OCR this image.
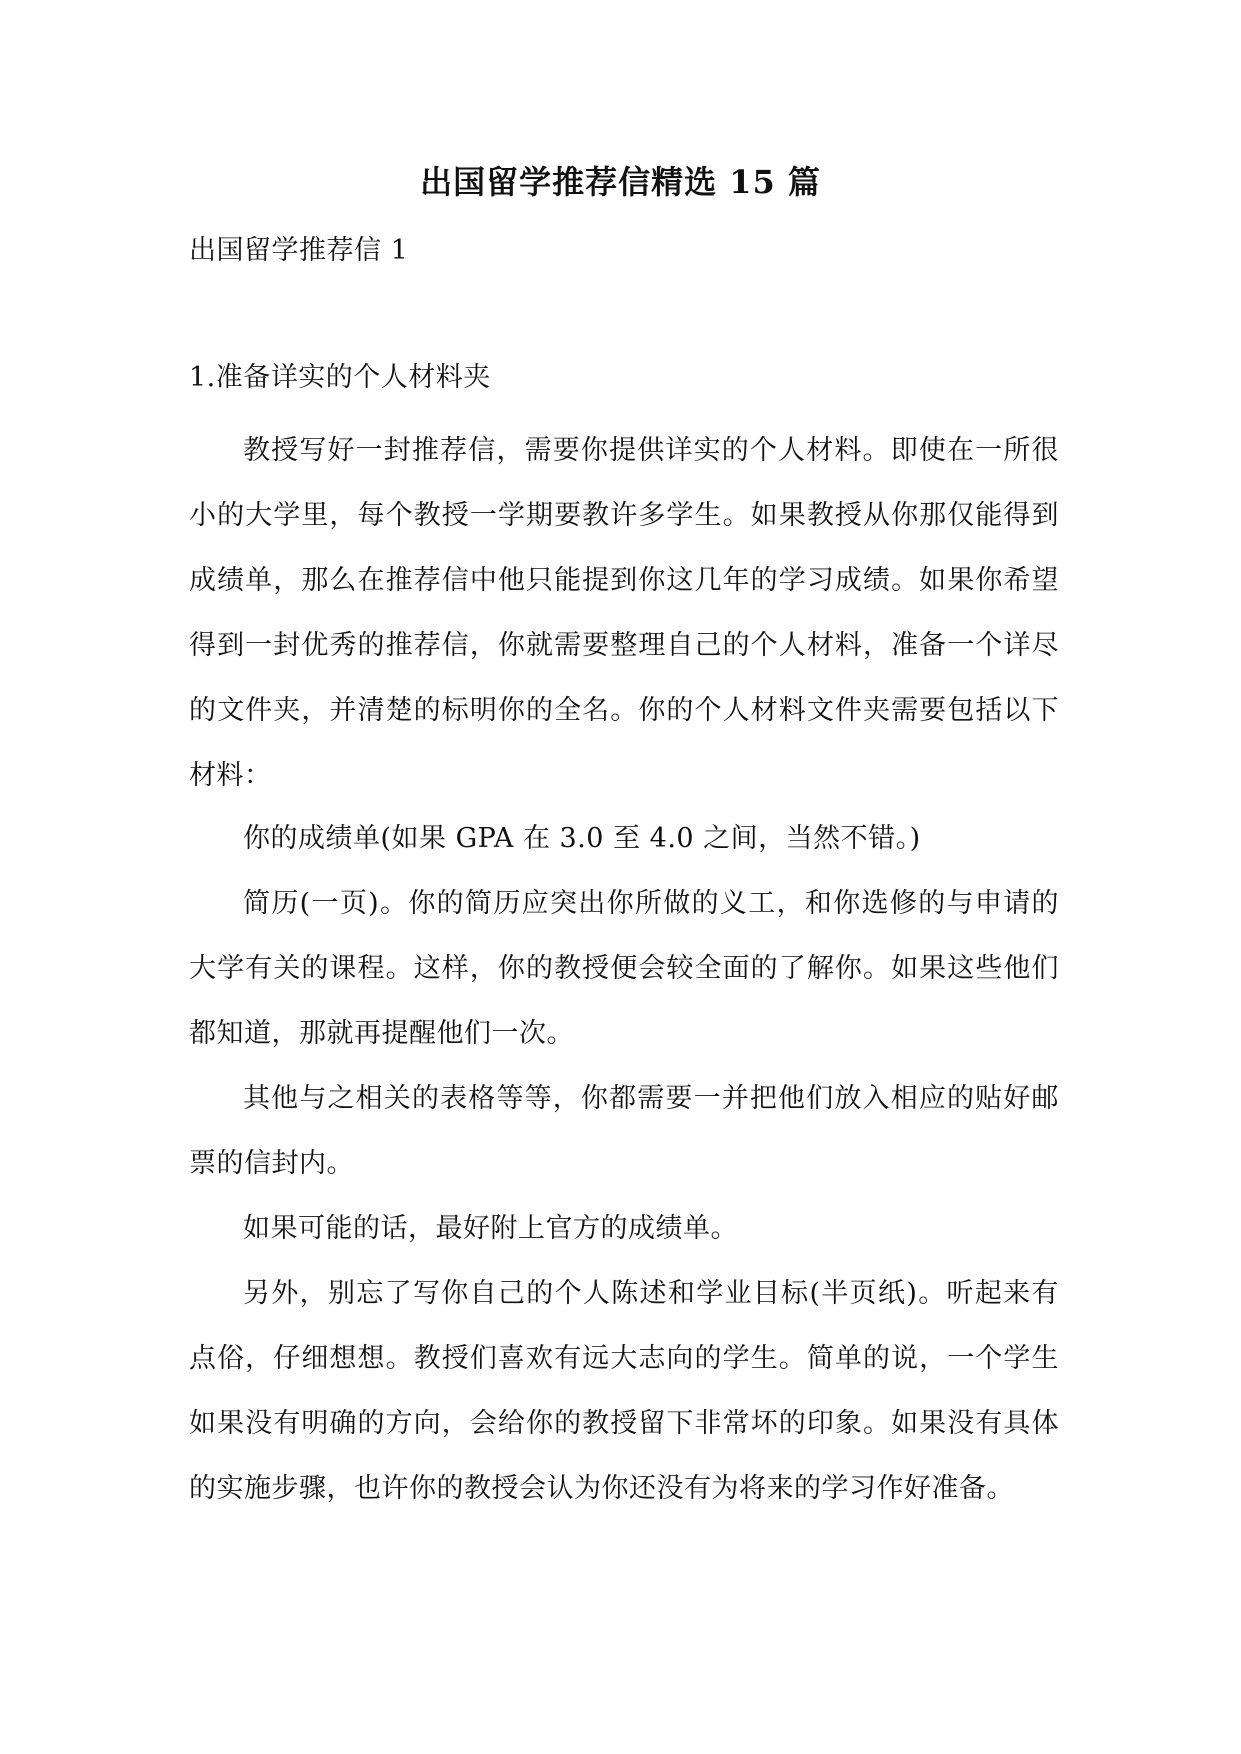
出国留学推荐信精选 15 篇
出国留学推荐信 1
1.准备详实的个人材料夹
教授写好一封推荐信，需要你提供详实的个人材料。即使在一所很小的大学里，每个教授一学期要教许多学生。如果教授从你那仅能得到成绩单，那么在推荐信中他只能提到你这几年的学习成绩。如果你希望得到一封优秀的推荐信，你就需要整理自己的个人材料，准备一个详尽的文件夹，并清楚的标明你的全名。你的个人材料文件夹需要包括以下材料：
你的成绩单(如果 GPA 在 3.0 至 4.0 之间，当然不错。)
简历(一页)。你的简历应突出你所做的义工，和你选修的与申请的大学有关的课程。这样，你的教授便会较全面的了解你。如果这些他们都知道，那就再提醒他们一次。
其他与之相关的表格等等，你都需要一并把他们放入相应的贴好邮票的信封内。
如果可能的话，最好附上官方的成绩单。
另外，别忘了写你自己的个人陈述和学业目标(半页纸)。听起来有点俗，仔细想想。教授们喜欢有远大志向的学生。简单的说，一个学生如果没有明确的方向，会给你的教授留下非常坏的印象。如果没有具体的实施步骤，也许你的教授会认为你还没有为将来的学习作好准备。
